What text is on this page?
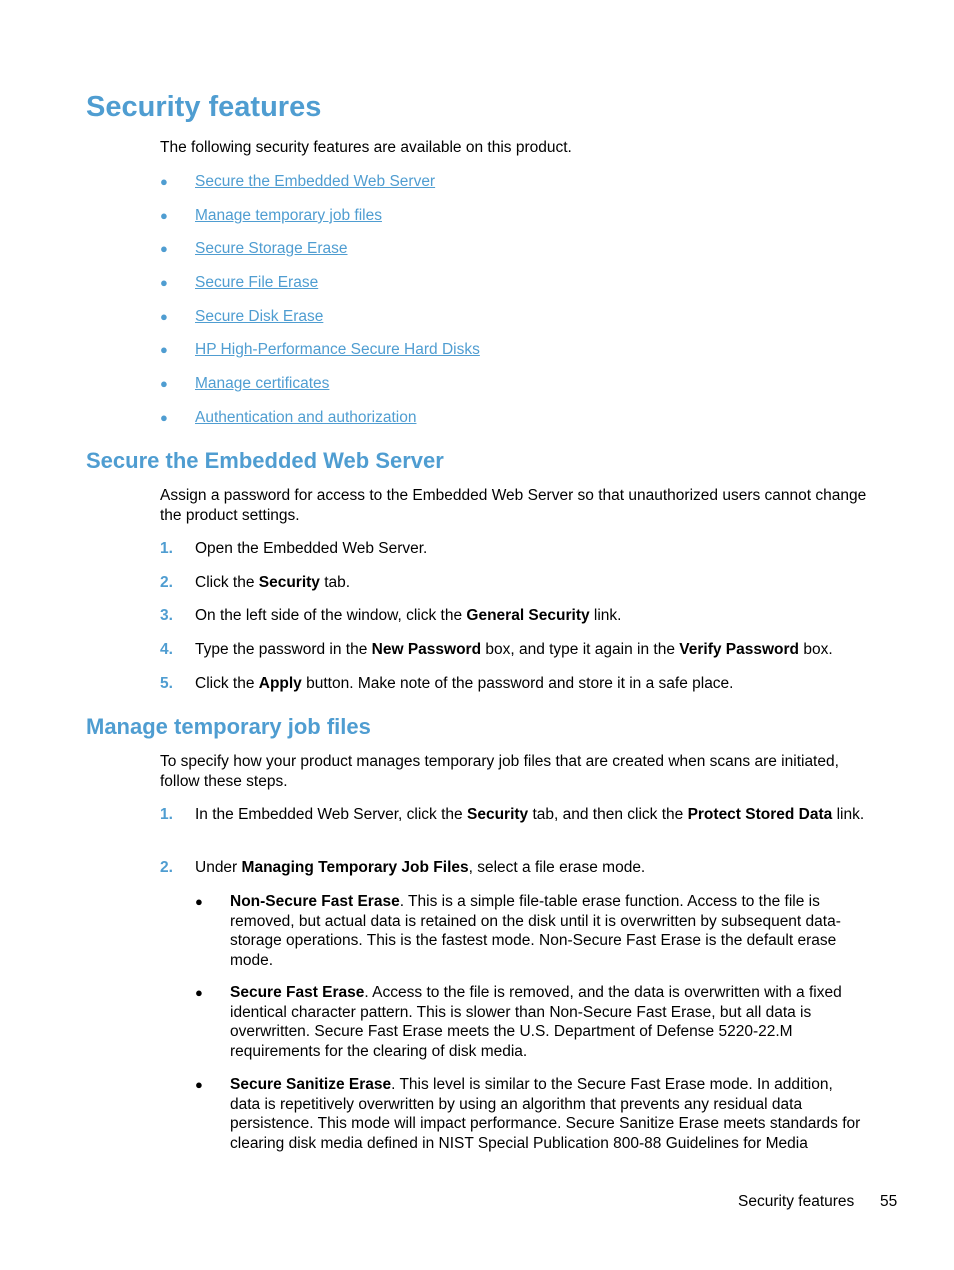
Security features

The following security features are available on this product.

● Secure the Embedded Web Server
● Manage temporary job files
● Secure Storage Erase
● Secure File Erase
● Secure Disk Erase
● HP High-Performance Secure Hard Disks
● Manage certificates
● Authentication and authorization
Secure the Embedded Web Server

Assign a password for access to the Embedded Web Server so that unauthorized users cannot change the product settings.

1. Open the Embedded Web Server.
2. Click the Security tab.
3. On the left side of the window, click the General Security link.
4. Type the password in the New Password box, and type it again in the Verify Password box.
5. Click the Apply button. Make note of the password and store it in a safe place.
Manage temporary job files

To specify how your product manages temporary job files that are created when scans are initiated, follow these steps.

1. In the Embedded Web Server, click the Security tab, and then click the Protect Stored Data link.
2. Under Managing Temporary Job Files, select a file erase mode.
● Non-Secure Fast Erase. This is a simple file-table erase function. Access to the file is removed, but actual data is retained on the disk until it is overwritten by subsequent data-storage operations. This is the fastest mode. Non-Secure Fast Erase is the default erase mode.
● Secure Fast Erase. Access to the file is removed, and the data is overwritten with a fixed identical character pattern. This is slower than Non-Secure Fast Erase, but all data is overwritten. Secure Fast Erase meets the U.S. Department of Defense 5220-22.M requirements for the clearing of disk media.
● Secure Sanitize Erase. This level is similar to the Secure Fast Erase mode. In addition, data is repetitively overwritten by using an algorithm that prevents any residual data persistence. This mode will impact performance. Secure Sanitize Erase meets standards for clearing disk media defined in NIST Special Publication 800-88 Guidelines for Media
Security features 55
